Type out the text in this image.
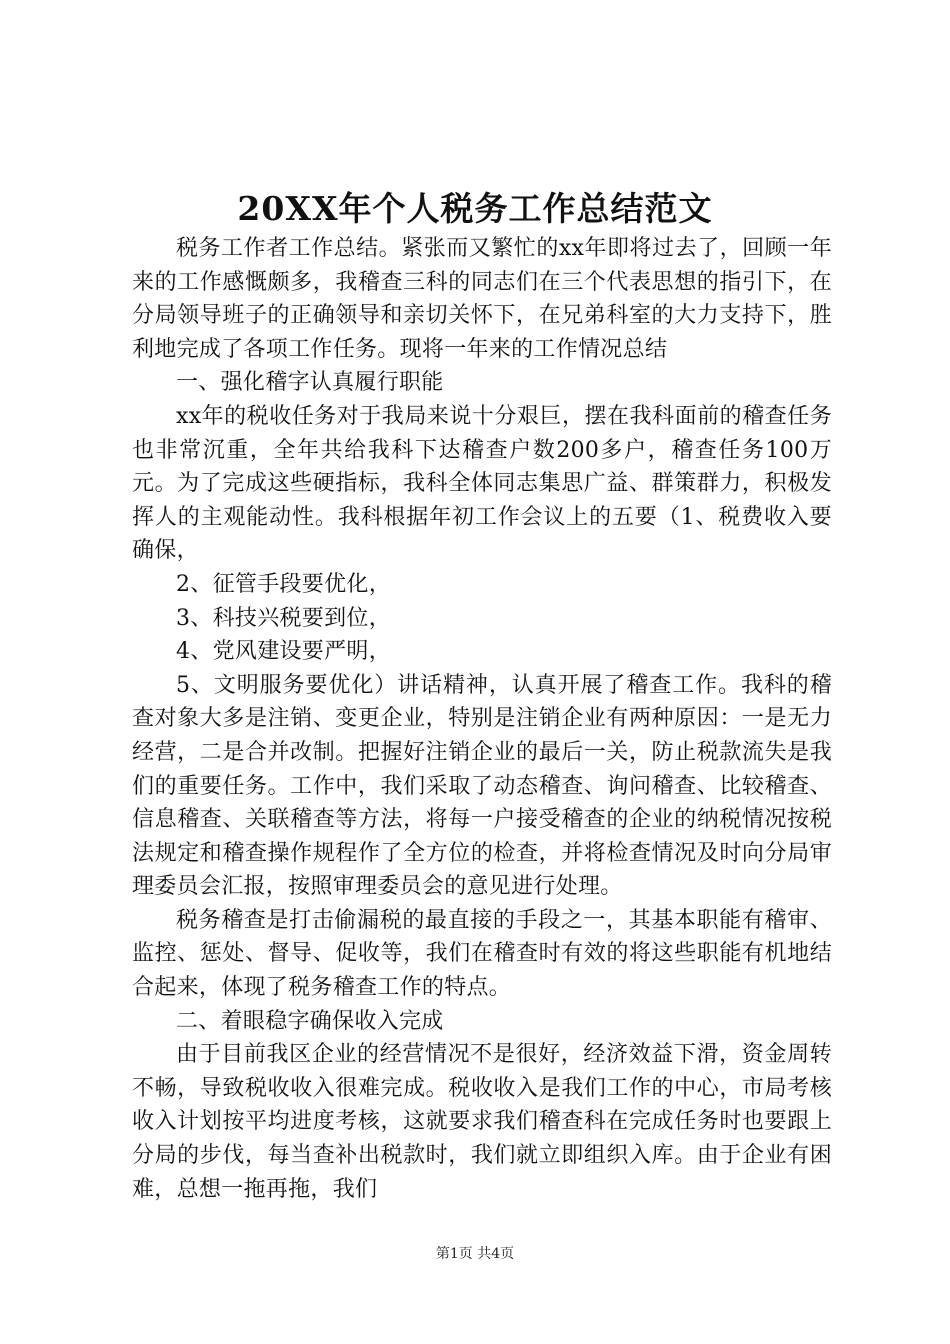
20XX年个人税务工作总结范文

税务工作者工作总结。紧张而又繁忙的xx年即将过去了，回顾一年来的工作感慨颇多，我稽查三科的同志们在三个代表思想的指引下，在分局领导班子的正确领导和亲切关怀下，在兄弟科室的大力支持下，胜利地完成了各项工作任务。现将一年来的工作情况总结

一、强化稽字认真履行职能

xx年的税收任务对于我局来说十分艰巨，摆在我科面前的稽查任务也非常沉重，全年共给我科下达稽查户数200多户，稽查任务100万元。为了完成这些硬指标，我科全体同志集思广益、群策群力，积极发挥人的主观能动性。我科根据年初工作会议上的五要（1、税费收入要确保，

2、征管手段要优化，

3、科技兴税要到位，

4、党风建设要严明，

5、文明服务要优化）讲话精神，认真开展了稽查工作。我科的稽查对象大多是注销、变更企业，特别是注销企业有两种原因：一是无力经营，二是合并改制。把握好注销企业的最后一关，防止税款流失是我们的重要任务。工作中，我们采取了动态稽查、询问稽查、比较稽查、信息稽查、关联稽查等方法，将每一户接受稽查的企业的纳税情况按税法规定和稽查操作规程作了全方位的检查，并将检查情况及时向分局审理委员会汇报，按照审理委员会的意见进行处理。

税务稽查是打击偷漏税的最直接的手段之一，其基本职能有稽审、监控、惩处、督导、促收等，我们在稽查时有效的将这些职能有机地结合起来，体现了税务稽查工作的特点。

二、着眼稳字确保收入完成

由于目前我区企业的经营情况不是很好，经济效益下滑，资金周转不畅，导致税收收入很难完成。税收收入是我们工作的中心，市局考核收入计划按平均进度考核，这就要求我们稽查科在完成任务时也要跟上分局的步伐，每当查补出税款时，我们就立即组织入库。由于企业有困难，总想一拖再拖，我们

第1页 共4页
